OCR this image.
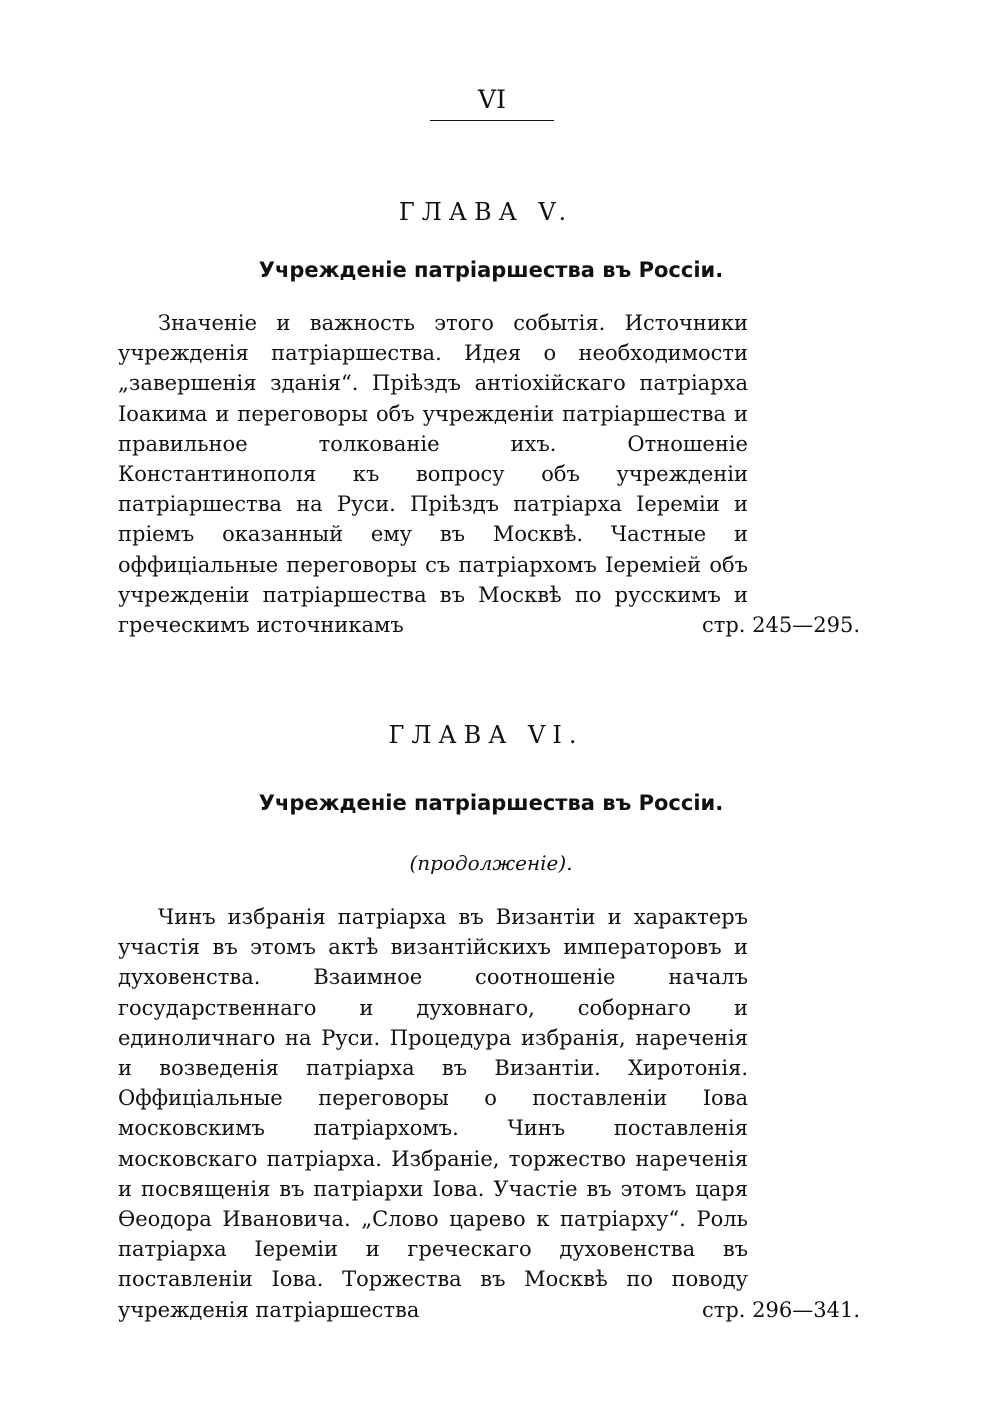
VI
ГЛАВА V.
Учрежденіе патріаршества въ Россіи.

Значеніе и важность этого событія. Источники учрежденія патріаршества. Идея о необходимости „завершенія зданія“. Пріѣздъ антіохійскаго патріарха Іоакима и переговоры объ учрежденіи патріаршества и правильное толкованіе ихъ. Отношеніе Константинополя къ вопросу объ учрежденіи патріаршества на Руси. Пріѣздъ патріарха Іереміи и пріемъ оказанный ему въ Москвѣ. Частные и оффиціальные переговоры съ патріархомъ Іереміей объ учрежденіи патріаршества въ Москвѣ по русскимъ и греческимъ источникамъ	стр. 245—295.

ГЛАВА VI.
Учрежденіе патріаршества въ Россіи.
(продолженіе).

Чинъ избранія патріарха въ Византіи и характеръ участія въ этомъ актѣ византійскихъ императоровъ и духовенства. Взаимное соотношеніе началъ государственнаго и духовнаго, соборнаго и единоличнаго на Руси. Процедура избранія, нареченія и возведенія патріарха въ Византіи. Хиротонія. Оффиціальные переговоры о поставленіи Іова московскимъ патріархомъ. Чинъ поставленія московскаго патріарха. Избраніе, торжество нареченія и посвященія въ патріархи Іова. Участіе въ этомъ царя Ѳеодора Ивановича. „Слово царево к патріарху“. Роль патріарха Іереміи и греческаго духовенства въ поставленіи Іова. Торжества въ Москвѣ по поводу учрежденія патріаршества	стр. 296—341.
